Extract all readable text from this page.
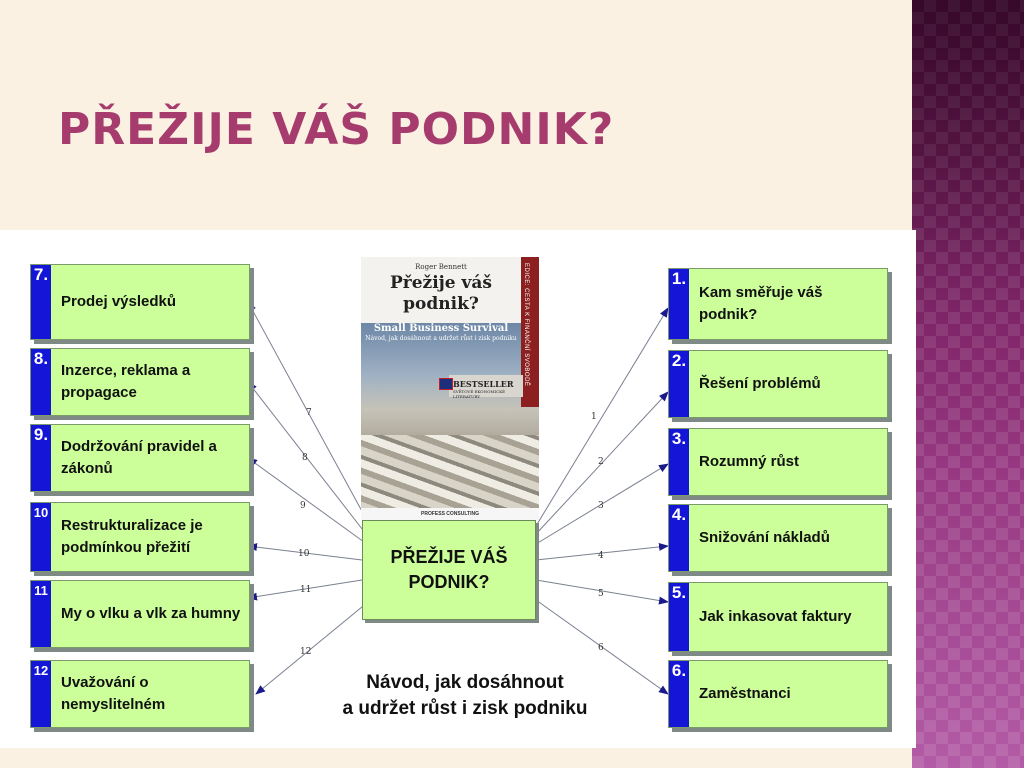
PŘEŽIJE VÁŠ PODNIK?
7
8
9
10
11
12
1
2
3
4
5
6
7.
Prodej výsledků
8.
Inzerce, reklama a propagace
9.
Dodržování pravidel a zákonů
10
Restrukturalizace je podmínkou přežití
11
My o vlku a vlk za humny
12
Uvažování o nemyslitelném
1.
Kam směřuje váš podnik?
2.
Řešení problémů
3.
Rozumný růst
4.
Snižování nákladů
5.
Jak inkasovat faktury
6.
Zaměstnanci
Roger Bennett
Přežije váš
podnik?
Small Business Survival
Návod, jak dosáhnout a udržet růst i zisk podniku	EDICE: CESTA K FINANČNÍ SVOBODĚ
BESTSELLER
SVĚTOVÉ EKONOMICKÉ LITERATURY
PROFESS CONSULTING
PŘEŽIJE VÁŠ
PODNIK?
Návod, jak dosáhnout
a udržet růst i zisk podniku
